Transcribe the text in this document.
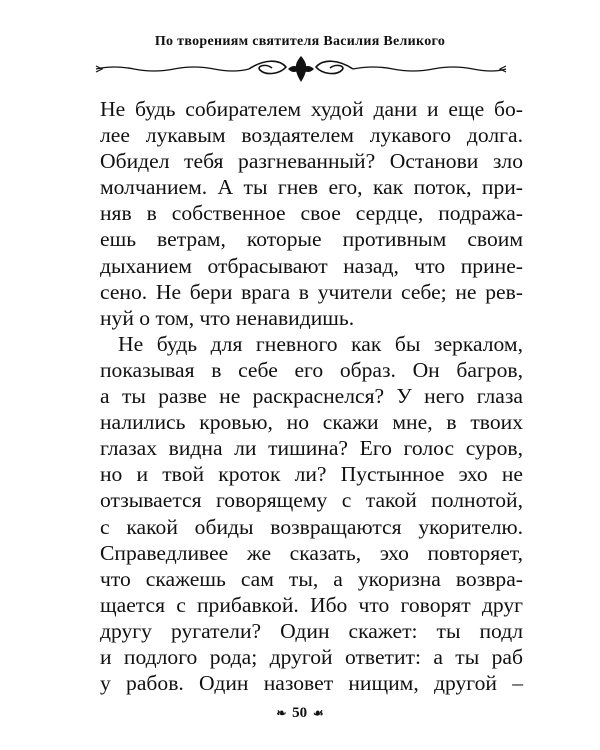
По творениям святителя Василия Великого
Не будь собирателем худой дани и еще бо-
лее лукавым воздаятелем лукавого долга.
Обидел тебя разгневанный? Останови зло
молчанием. А ты гнев его, как поток, при-
няв в собственное свое сердце, подража-
ешь ветрам, которые противным своим
дыханием отбрасывают назад, что принe-
сено. Не бери врага в учители себе; не рев-
нуй о том, что ненавидишь.
Не будь для гневного как бы зеркалом,
показывая в себе его образ. Он багров,
а ты разве не раскраснелся? У него глаза
налились кровью, но скажи мне, в твоих
глазах видна ли тишина? Его голос суров,
но и твой кроток ли? Пустынное эхо не
отзывается говорящему с такой полнотой,
с какой обиды возвращаются укорителю.
Справедливее же сказать, эхо повторяет,
что скажешь сам ты, а укоризна возвра-
щается с прибавкой. Ибо что говорят друг
другу ругатели? Один скажет: ты подл
и подлого рода; другой ответит: а ты раб
у рабов. Один назовет нищим, другой –
❧ 50 ☙
